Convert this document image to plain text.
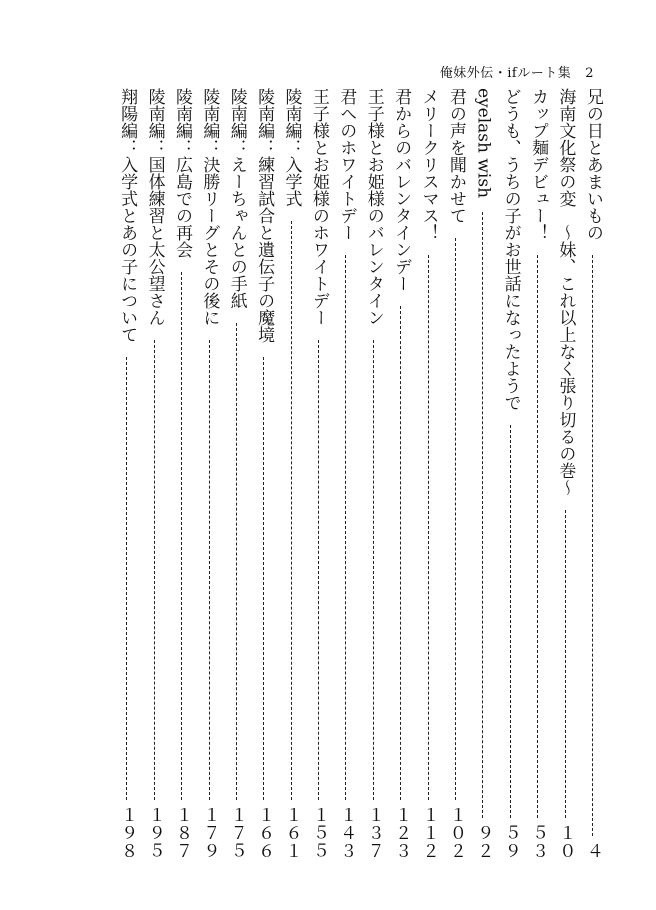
俺妹外伝・ifルート集 2
兄の日とあまいもの
４
海南文化祭の変　～妹、これ以上なく張り切るの巻～
１０
カップ麺デビュー！
５３
どうも、うちの子がお世話になったようで
５９
eyelash wish
９２
君の声を聞かせて
１０２
メリークリスマス！
１１２
君からのバレンタインデー
１２３
王子様とお姫様のバレンタイン
１３７
君へのホワイトデー
１４３
王子様とお姫様のホワイトデー
１５５
陵南編：入学式
１６１
陵南編：練習試合と遺伝子の魔境
１６６
陵南編：えーちゃんとの手紙
１７５
陵南編：決勝リーグとその後に
１７９
陵南編：広島での再会
１８７
陵南編：国体練習と太公望さん
１９５
翔陽編：入学式とあの子について
１９８
